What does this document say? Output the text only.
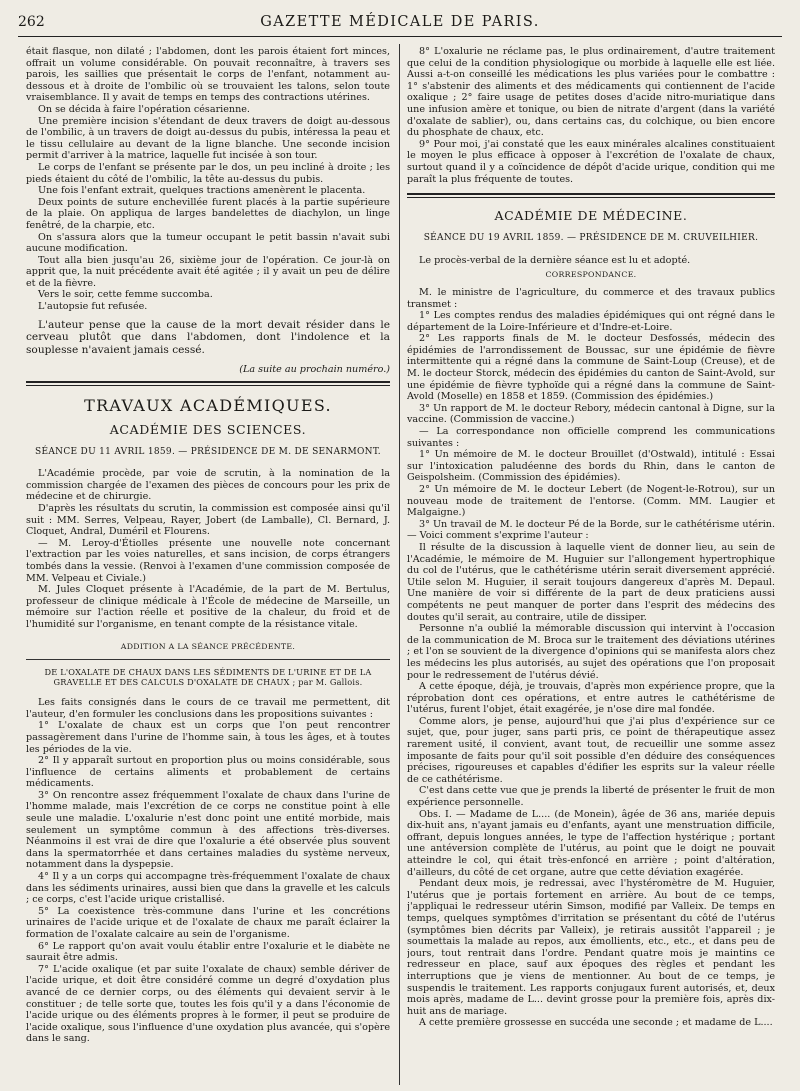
262	GAZETTE MÉDICALE DE PARIS.

était flasque, non dilaté ; l'abdomen, dont les parois étaient fort minces, offrait un volume considérable. On pouvait reconnaître, à travers ses parois, les saillies que présentait le corps de l'enfant, notamment au-dessous et à droite de l'ombilic où se trouvaient les talons, selon toute vraisemblance. Il y avait de temps en temps des contractions utérines.

On se décida à faire l'opération césarienne.

Une première incision s'étendant de deux travers de doigt au-dessous de l'ombilic, à un travers de doigt au-dessus du pubis, intéressa la peau et le tissu cellulaire au devant de la ligne blanche. Une seconde incision permit d'arriver à la matrice, laquelle fut incisée à son tour.

Le corps de l'enfant se présente par le dos, un peu incliné à droite ; les pieds étaient du côté de l'ombilic, la tête au-dessus du pubis.

Une fois l'enfant extrait, quelques tractions amenèrent le placenta.

Deux points de suture enchevillée furent placés à la partie supérieure de la plaie. On appliqua de larges bandelettes de diachylon, un linge fenêtré, de la charpie, etc.

On s'assura alors que la tumeur occupant le petit bassin n'avait subi aucune modification.

Tout alla bien jusqu'au 26, sixième jour de l'opération. Ce jour-là on apprit que, la nuit précédente avait été agitée ; il y avait un peu de délire et de la fièvre.

Vers le soir, cette femme succomba.

L'autopsie fut refusée.

L'auteur pense que la cause de la mort devait résider dans le cerveau plutôt que dans l'abdomen, dont l'indolence et la souplesse n'avaient jamais cessé.

(La suite au prochain numéro.)

TRAVAUX ACADÉMIQUES.
ACADÉMIE DES SCIENCES.
SÉANCE DU 11 AVRIL 1859. — PRÉSIDENCE DE M. DE SENARMONT.

L'Académie procède, par voie de scrutin, à la nomination de la commission chargée de l'examen des pièces de concours pour les prix de médecine et de chirurgie.

D'après les résultats du scrutin, la commission est composée ainsi qu'il suit : MM. Serres, Velpeau, Rayer, Jobert (de Lamballe), Cl. Bernard, J. Cloquet, Andral, Duméril et Flourens.

— M. Leroy-d'Étiolles présente une nouvelle note concernant l'extraction par les voies naturelles, et sans incision, de corps étrangers tombés dans la vessie. (Renvoi à l'examen d'une commission composée de MM. Velpeau et Civiale.)

M. Jules Cloquet présente à l'Académie, de la part de M. Bertulus, professeur de clinique médicale à l'École de médecine de Marseille, un mémoire sur l'action réelle et positive de la chaleur, du froid et de l'humidité sur l'organisme, en tenant compte de la résistance vitale.

ADDITION A LA SÉANCE PRÉCÉDENTE.
DE L'OXALATE DE CHAUX DANS LES SÉDIMENTS DE L'URINE ET DE LA GRAVELLE ET DES CALCULS D'OXALATE DE CHAUX ; par M. Gallois.

Les faits consignés dans le cours de ce travail me permettent, dit l'auteur, d'en formuler les conclusions dans les propositions suivantes :

1° L'oxalate de chaux est un corps que l'on peut rencontrer passagèrement dans l'urine de l'homme sain, à tous les âges, et à toutes les périodes de la vie.

2° Il y apparaît surtout en proportion plus ou moins considérable, sous l'influence de certains aliments et probablement de certains médicaments.

3° On rencontre assez fréquemment l'oxalate de chaux dans l'urine de l'homme malade, mais l'excrétion de ce corps ne constitue point à elle seule une maladie. L'oxalurie n'est donc point une entité morbide, mais seulement un symptôme commun à des affections très-diverses. Néanmoins il est vrai de dire que l'oxalurie a été observée plus souvent dans la spermatorrhée et dans certaines maladies du système nerveux, notamment dans la dyspepsie.

4° Il y a un corps qui accompagne très-fréquemment l'oxalate de chaux dans les sédiments urinaires, aussi bien que dans la gravelle et les calculs ; ce corps, c'est l'acide urique cristallisé.

5° La coexistence très-commune dans l'urine et les concrétions urinaires de l'acide urique et de l'oxalate de chaux me paraît éclairer la formation de l'oxalate calcaire au sein de l'organisme.

6° Le rapport qu'on avait voulu établir entre l'oxalurie et le diabète ne saurait être admis.

7° L'acide oxalique (et par suite l'oxalate de chaux) semble dériver de l'acide urique, et doit être considéré comme un degré d'oxydation plus avancé de ce dernier corps, ou des éléments qui devaient servir à le constituer ; de telle sorte que, toutes les fois qu'il y a dans l'économie de l'acide urique ou des éléments propres à le former, il peut se produire de l'acide oxalique, sous l'influence d'une oxydation plus avancée, qui s'opère dans le sang.

8° L'oxalurie ne réclame pas, le plus ordinairement, d'autre traitement que celui de la condition physiologique ou morbide à laquelle elle est liée. Aussi a-t-on conseillé les médications les plus variées pour le combattre : 1° s'abstenir des aliments et des médicaments qui contiennent de l'acide oxalique ; 2° faire usage de petites doses d'acide nitro-muriatique dans une infusion amère et tonique, ou bien de nitrate d'argent (dans la variété d'oxalate de sablier), ou, dans certains cas, du colchique, ou bien encore du phosphate de chaux, etc.

9° Pour moi, j'ai constaté que les eaux minérales alcalines constituaient le moyen le plus efficace à opposer à l'excrétion de l'oxalate de chaux, surtout quand il y a coïncidence de dépôt d'acide urique, condition qui me paraît la plus fréquente de toutes.

ACADÉMIE DE MÉDECINE.
SÉANCE DU 19 AVRIL 1859. — PRÉSIDENCE DE M. CRUVEILHIER.

Le procès-verbal de la dernière séance est lu et adopté.

CORRESPONDANCE.

M. le ministre de l'agriculture, du commerce et des travaux publics transmet :

1° Les comptes rendus des maladies épidémiques qui ont régné dans le département de la Loire-Inférieure et d'Indre-et-Loire.

2° Les rapports finals de M. le docteur Desfossés, médecin des épidémies de l'arrondissement de Boussac, sur une épidémie de fièvre intermittente qui a régné dans la commune de Saint-Loup (Creuse), et de M. le docteur Storck, médecin des épidémies du canton de Saint-Avold, sur une épidémie de fièvre typhoïde qui a régné dans la commune de Saint-Avold (Moselle) en 1858 et 1859. (Commission des épidémies.)

3° Un rapport de M. le docteur Rebory, médecin cantonal à Digne, sur la vaccine. (Commission de vaccine.)

— La correspondance non officielle comprend les communications suivantes :

1° Un mémoire de M. le docteur Brouillet (d'Ostwald), intitulé : Essai sur l'intoxication paludéenne des bords du Rhin, dans le canton de Geispolsheim. (Commission des épidémies).

2° Un mémoire de M. le docteur Lebert (de Nogent-le-Rotrou), sur un nouveau mode de traitement de l'entorse. (Comm. MM. Laugier et Malgaigne.)

3° Un travail de M. le docteur Pé de la Borde, sur le cathétérisme utérin. — Voici comment s'exprime l'auteur :

Il résulte de la discussion à laquelle vient de donner lieu, au sein de l'Académie, le mémoire de M. Huguier sur l'allongement hypertrophique du col de l'utérus, que le cathétérisme utérin serait diversement apprécié. Utile selon M. Huguier, il serait toujours dangereux d'après M. Depaul. Une manière de voir si différente de la part de deux praticiens aussi compétents ne peut manquer de porter dans l'esprit des médecins des doutes qu'il serait, au contraire, utile de dissiper.

Personne n'a oublié la mémorable discussion qui intervint à l'occasion de la communication de M. Broca sur le traitement des déviations utérines ; et l'on se souvient de la divergence d'opinions qui se manifesta alors chez les médecins les plus autorisés, au sujet des opérations que l'on proposait pour le redressement de l'utérus dévié.

A cette époque, déjà, je trouvais, d'après mon expérience propre, que la réprobation dont ces opérations, et entre autres le cathétérisme de l'utérus, furent l'objet, était exagérée, je n'ose dire mal fondée.

Comme alors, je pense, aujourd'hui que j'ai plus d'expérience sur ce sujet, que, pour juger, sans parti pris, ce point de thérapeutique assez rarement usité, il convient, avant tout, de recueillir une somme assez imposante de faits pour qu'il soit possible d'en déduire des conséquences précises, rigoureuses et capables d'édifier les esprits sur la valeur réelle de ce cathétérisme.

C'est dans cette vue que je prends la liberté de présenter le fruit de mon expérience personnelle.

Obs. I. — Madame de L.... (de Monein), âgée de 36 ans, mariée depuis dix-huit ans, n'ayant jamais eu d'enfants, ayant une menstruation difficile, offrant, depuis longues années, le type de l'affection hystérique ; portant une antéversion complète de l'utérus, au point que le doigt ne pouvait atteindre le col, qui était très-enfoncé en arrière ; point d'altération, d'ailleurs, du côté de cet organe, autre que cette déviation exagérée.

Pendant deux mois, je redressai, avec l'hystéromètre de M. Huguier, l'utérus que je portais fortement en arrière. Au bout de ce temps, j'appliquai le redresseur utérin Simson, modifié par Valleix. De temps en temps, quelques symptômes d'irritation se présentant du côté de l'utérus (symptômes bien décrits par Valleix), je retirais aussitôt l'appareil ; je soumettais la malade au repos, aux émollients, etc., etc., et dans peu de jours, tout rentrait dans l'ordre. Pendant quatre mois je maintins ce redresseur en place, sauf aux époques des règles et pendant les interruptions que je viens de mentionner. Au bout de ce temps, je suspendis le traitement. Les rapports conjugaux furent autorisés, et, deux mois après, madame de L... devint grosse pour la première fois, après dix-huit ans de mariage.

A cette première grossesse en succéda une seconde ; et madame de L....
